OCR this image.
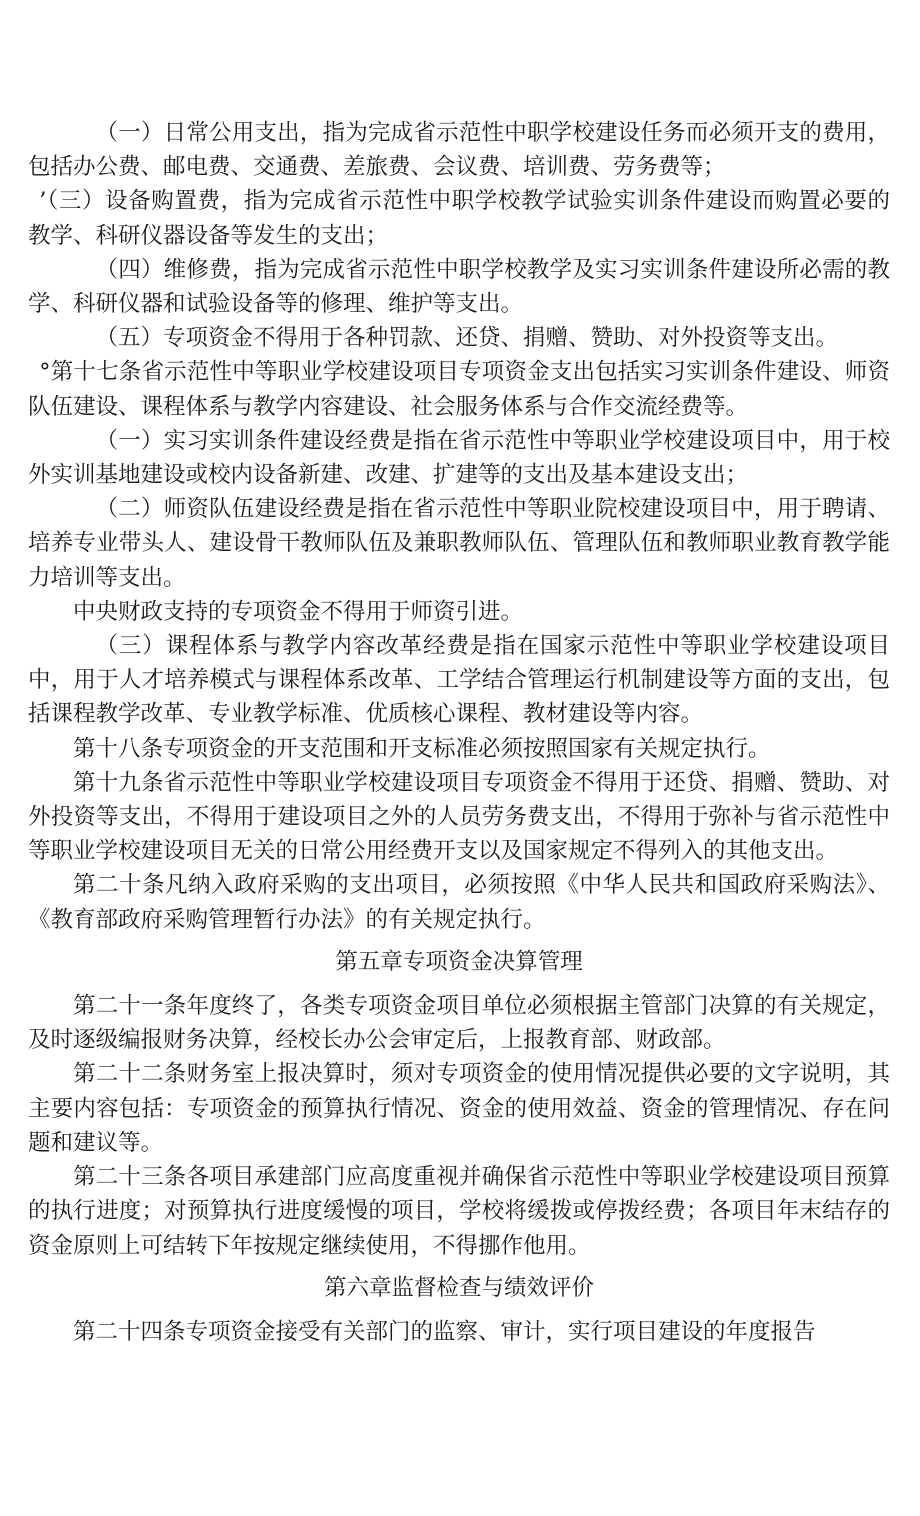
（一）日常公用支出，指为完成省示范性中职学校建设任务而必须开支的费用，包括办公费、邮电费、交通费、差旅费、会议费、培训费、劳务费等；

’（三）设备购置费，指为完成省示范性中职学校教学试验实训条件建设而购置必要的教学、科研仪器设备等发生的支出；

（四）维修费，指为完成省示范性中职学校教学及实习实训条件建设所必需的教学、科研仪器和试验设备等的修理、维护等支出。

（五）专项资金不得用于各种罚款、还贷、捐赠、赞助、对外投资等支出。

°第十七条省示范性中等职业学校建设项目专项资金支出包括实习实训条件建设、师资队伍建设、课程体系与教学内容建设、社会服务体系与合作交流经费等。

（一）实习实训条件建设经费是指在省示范性中等职业学校建设项目中，用于校外实训基地建设或校内设备新建、改建、扩建等的支出及基本建设支出；

（二）师资队伍建设经费是指在省示范性中等职业院校建设项目中，用于聘请、培养专业带头人、建设骨干教师队伍及兼职教师队伍、管理队伍和教师职业教育教学能力培训等支出。

中央财政支持的专项资金不得用于师资引进。

（三）课程体系与教学内容改革经费是指在国家示范性中等职业学校建设项目中，用于人才培养模式与课程体系改革、工学结合管理运行机制建设等方面的支出，包括课程教学改革、专业教学标准、优质核心课程、教材建设等内容。

第十八条专项资金的开支范围和开支标准必须按照国家有关规定执行。

第十九条省示范性中等职业学校建设项目专项资金不得用于还贷、捐赠、赞助、对外投资等支出，不得用于建设项目之外的人员劳务费支出，不得用于弥补与省示范性中等职业学校建设项目无关的日常公用经费开支以及国家规定不得列入的其他支出。

第二十条凡纳入政府采购的支出项目，必须按照《中华人民共和国政府采购法》、《教育部政府采购管理暂行办法》的有关规定执行。

第五章专项资金决算管理

第二十一条年度终了，各类专项资金项目单位必须根据主管部门决算的有关规定，及时逐级编报财务决算，经校长办公会审定后，上报教育部、财政部。

第二十二条财务室上报决算时，须对专项资金的使用情况提供必要的文字说明，其主要内容包括：专项资金的预算执行情况、资金的使用效益、资金的管理情况、存在问题和建议等。

第二十三条各项目承建部门应高度重视并确保省示范性中等职业学校建设项目预算的执行进度；对预算执行进度缓慢的项目，学校将缓拨或停拨经费；各项目年末结存的资金原则上可结转下年按规定继续使用，不得挪作他用。

第六章监督检查与绩效评价

第二十四条专项资金接受有关部门的监察、审计，实行项目建设的年度报告
